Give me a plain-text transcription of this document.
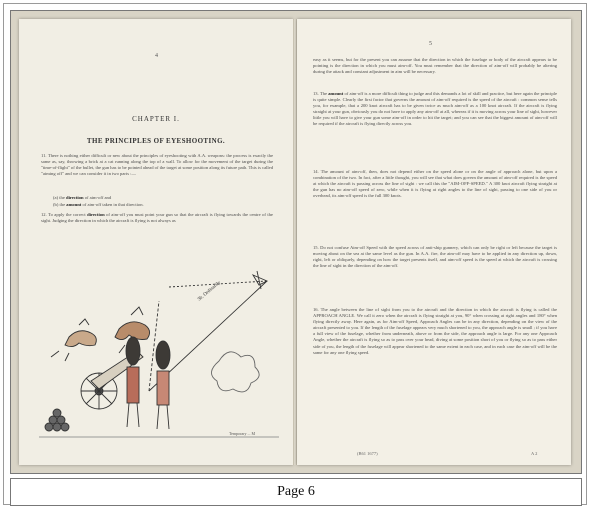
4
CHAPTER I.
THE PRINCIPLES OF EYESHOOTING.

11. There is nothing either difficult or new about the principles of eyeshooting with A.A. weapons: the process is exactly the same as, say, throwing a brick at a cat running along the top of a wall. To allow for the movement of the target during the "time-of-flight" of the bullet, the gun has to be pointed ahead of the target at some position along its future path. This is called "aiming off" and we can consider it in two parts :—

(a) the direction of aim-off and

(b) the amount of aim-off taken in that direction.

12. To apply the correct direction of aim-off you must point your gun so that the aircraft is flying towards the centre of the sight. Judging the direction in which the aircraft is flying is not always as

3b. Ordinarily
Temporary ... M
5

easy as it seems, but for the present you can assume that the direction in which the fuselage or body of the aircraft appears to be pointing is the direction in which you must aim-off. You must remember that the direction of aim-off will probably be altering during the attack and constant adjustment in aim will be necessary.

13. The amount of aim-off is a more difficult thing to judge and this demands a lot of skill and practice, but here again the principle is quite simple. Clearly the first factor that governs the amount of aim-off required is the speed of the aircraft : common sense tells you, for example, that a 200 knot aircraft has to be given twice as much aim-off as a 100 knot aircraft. If the aircraft is flying straight at your gun, obviously you do not have to apply any aim-off at all, whereas if it is moving across your line of sight, however little you will have to give your gun some aim-off in order to hit the target; and you can see that the biggest amount of aim-off will be required if the aircraft is flying directly across you.

14. The amount of aim-off, then, does not depend either on the speed alone or on the angle of approach alone, but upon a combination of the two. In fact, after a little thought, you will see that what does govern the amount of aim-off required is the speed at which the aircraft is passing across the line of sight : we call this the "AIM-OFF-SPEED." A 300 knot aircraft flying straight at the gun has no aim-off speed of zero, while when it is flying at right angles to the line of sight, passing to one side of you or overhead, its aim-off speed is the full 300 knots.

15. Do not confuse Aim-off Speed with the speed across of anti-ship gunnery, which can only be right or left because the target is moving about on the sea at the same level as the gun. In A.A. fire, the aim-off may have to be applied in any direction up, down, right, left or obliquely, depending on how the target presents itself, and aim-off speed is the speed at which the aircraft is crossing the line of sight in the direction of the aim-off.

16. The angle between the line of sight from you to the aircraft and the direction in which the aircraft is flying is called the APPROACH ANGLE. We call it zero when the aircraft is flying straight at you, 90° when crossing at right angles and 180° when flying directly away. Here again, as for Aim-off Speed, Approach Angles can be in any direction, depending on the view of the aircraft presented to you. If the length of the fuselage appears very much shortened to you, the approach angle is small ; if you have a full view of the fuselage, whether from underneath, above or from the side, the approach angle is large. For any one Approach Angle, whether the aircraft is flying so as to pass over your head, diving at some position short of you or flying so as to pass either side of you, the length of the fuselage will appear shortened to the same extent in each case, and in each case the aim-off will be the same for any one flying speed.

(B61 1677)	A 2
Page 6
